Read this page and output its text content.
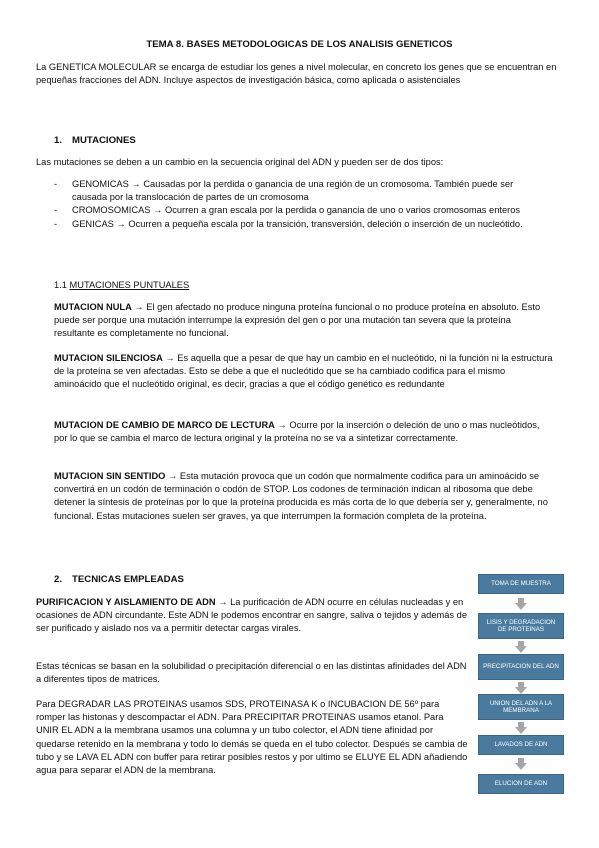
TEMA 8. BASES METODOLOGICAS DE LOS ANALISIS GENETICOS
La GENETICA MOLECULAR se encarga de estudiar los genes a nivel molecular, en concreto los genes que se encuentran en pequeñas fracciones del ADN. Incluye aspectos de investigación básica, como aplicada o asistenciales
1. MUTACIONES
Las mutaciones se deben a un cambio en la secuencia original del ADN y pueden ser de dos tipos:
- GENOMICAS → Causadas por la perdida o ganancia de una región de un cromosoma. También puede ser causada por la translocación de partes de un cromosoma
- CROMOSOMICAS → Ocurren a gran escala por la perdida o ganancia de uno o varios cromosomas enteros
- GENICAS → Ocurren a pequeña escala por la transición, transversión, deleción o inserción de un nucleótido.
1.1 MUTACIONES PUNTUALES
MUTACION NULA → El gen afectado no produce ninguna proteína funcional o no produce proteína en absoluto. Esto puede ser porque una mutación interrumpe la expresión del gen o por una mutación tan severa que la proteína resultante es completamente no funcional.
MUTACION SILENCIOSA → Es aquella que a pesar de que hay un cambio en el nucleótido, ni la función ni la estructura de la proteína se ven afectadas. Esto se debe a que el nucleótido que se ha cambiado codifica para el mismo aminoácido que el nucleótido original, es decir, gracias a que el código genético es redundante
MUTACION DE CAMBIO DE MARCO DE LECTURA → Ocurre por la inserción o deleción de uno o mas nucleótidos, por lo que se cambia el marco de lectura original y la proteína no se va a sintetizar correctamente.
MUTACION SIN SENTIDO → Esta mutación provoca que un codón que normalmente codifica para un aminoácido se convertirá en un codón de terminación o codón de STOP. Los codones de terminación indican al ribosoma que debe detener la síntesis de proteínas por lo que la proteína producida es más corta de lo que debería ser y, generalmente, no funcional. Estas mutaciones suelen ser graves, ya que interrumpen la formación completa de la proteína.
2. TECNICAS EMPLEADAS
PURIFICACION Y AISLAMIENTO DE ADN → La purificación de ADN ocurre en células nucleadas y en ocasiones de ADN circundante. Este ADN le podemos encontrar en sangre, saliva o tejidos y además de ser purificado y aislado nos va a permitir detectar cargas virales.
Estas técnicas se basan en la solubilidad o precipitación diferencial o en las distintas afinidades del ADN a diferentes tipos de matrices.
Para DEGRADAR LAS PROTEINAS usamos SDS, PROTEINASA K o INCUBACION DE 56º para romper las histonas y descompactar el ADN. Para PRECIPITAR PROTEINAS usamos etanol. Para UNIR EL ADN a la membrana usamos una columna y un tubo colector, el ADN tiene afinidad por quedarse retenido en la membrana y todo lo demás se queda en el tubo colector. Después se cambia de tubo y se LAVA EL ADN con buffer para retirar posibles restos y por ultimo se ELUYE EL ADN añadiendo agua para separar el ADN de la membrana.
TOMA DE MUESTRA
LISIS Y DEGRADACION DE PROTEINAS
PRECIPITACION DEL ADN
UNION DEL ADN A LA MEMBRANA
LAVADOS DE ADN
ELUCION DE ADN
